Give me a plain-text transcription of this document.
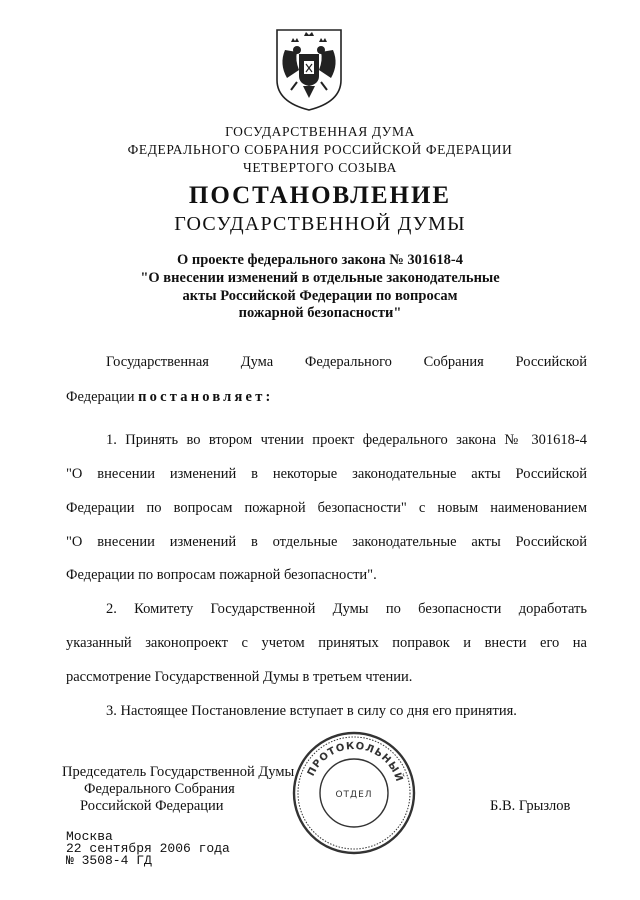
ГОСУДАРСТВЕННАЯ ДУМА
ФЕДЕРАЛЬНОГО СОБРАНИЯ РОССИЙСКОЙ ФЕДЕРАЦИИ
ЧЕТВЕРТОГО СОЗЫВА
ПОСТАНОВЛЕНИЕ
ГОСУДАРСТВЕННОЙ ДУМЫ
О проекте федерального закона № 301618-4
"О внесении изменений в отдельные законодательные
акты Российской Федерации по вопросам
пожарной безопасности"
Государственная Дума Федерального Собрания Российской
Федерации постановляет:
1. Принять во втором чтении проект федерального закона № 301618-4
"О внесении изменений в некоторые законодательные акты Российской
Федерации по вопросам пожарной безопасности" с новым наименованием
"О внесении изменений в отдельные законодательные акты Российской
Федерации по вопросам пожарной безопасности".
2. Комитету Государственной Думы по безопасности доработать
указанный законопроект с учетом принятых поправок и внести его на
рассмотрение Государственной Думы в третьем чтении.
3. Настоящее Постановление вступает в силу со дня его принятия.
ПРОТОКОЛЬНЫЙ
ОТДЕЛ
Председатель Государственной Думы
Федерального Собрания
Российской Федерации	Б.В. Грызлов
Москва
22 сентября 2006 года
№ 3508-4 ГД
